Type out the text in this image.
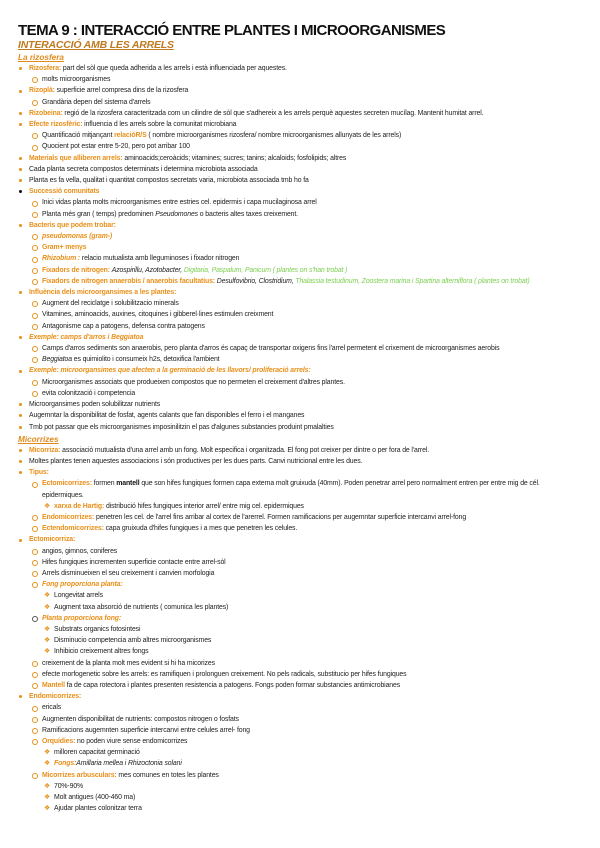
TEMA 9 : INTERACCIÓ ENTRE PLANTES I MICROORGANISMES
INTERACCIÓ AMB LES ARRELS
La rizosfera
Rizosfera: part del sòl que queda adherida a les arrels i està influenciada per aquestes.
molts microorganismes
Rizoplà: superficie arrel compresa dins de la rizosfera
Grandària depen del sistema d'arrels
Rizobeina: regió de la rizosfera caracteritzada com un cilindre de sòl que s'adhereix a les arrels perquè aquestes secreten mucílag. Mantenit humitat arrel.
Efecte rizosfèric: influencia d les arrels sobre la comunitat microbiana
Quantificació mitjançant relacióR/S ( nombre microorganismes rizosfera/ nombre microorganismes allunyats de les arrels)
Quocient pot estar entre 5-20, pero pot arribar 100
Materials que alliberen arrels: aminoacids;ceroàcids; vitamines; sucres; tanins; alcaloids; fosfolipids; altres
Cada planta secreta compostos determinats i determina microbiota associada
Planta es fa vella, qualitat i quantitat compostos secretats varia, microbiota associada tmb ho fa
Successió comunitats
Inici vidas planta molts microorganismes entre estries cel. epidermis i capa mucilaginosa arrel
Planta més gran ( temps) predominen Pseudomones o bacteris altes taxes creixement.
Bacteris que podem trobar:
pseudomonas (gram-)
Gram+ menys
Rhizobium : relacio mutualista amb lleguminoses i fixador nitrogen
Fixadors de nitrogen: Azospirillu, Azotobacter, Digitaria, Paspalum, Panicum ( plantes on s'han trobat )
Fixadors de nitrogen anaerobis / anaerobis facultatius: Desulfovibrio, Clostridium, Thalassia testudinum, Zoostera marina i Spartina alterniflora ( plantes on trobat)
Influència dels microorgansimes a les plantes:
Augment del reciclatge i solubilitzacio minerals
Vitamines, aminoacids, auxines, citoquines i gibberel·lines estimulen creixment
Antagonisme cap a patogens, defensa contra patogens
Exemple: camps d'arros i Beggiatoa
Camps d'arros sediments son anaerobis, pero planta d'arros és capaç de transportar oxigens fins l'arrel permetent el crixement de microorganismes aerobis
Beggiatoa es quimiolito i consumeix h2s, detoxifica l'ambient
Exemple: microorgansimes que afecten a la germinació de les llavors/ proliferació arrels:
Microorganismes associats que produeixen compostos que no permeten el creixement d'altres plantes.
evita colonització i competencia
Microorgansimes poden solubilitzar nutrients
Augemntar la disponibilitat de fosfat, agents calants que fan disponibles el ferro i el manganes
Tmb pot passar que els microorganismes imposinilitzin el pas d'algunes substancies produint pmalalties
Micorrizes
Micorriza: associació mutualista d'una arrel amb un fong. Molt especifica i organitzada. El fong pot creixer per dintre o per fora de l'arrel.
Moltes plantes tenen aquestes associacions i són productives per les dues parts. Canvi nutricional entre les dues.
Tipus:
Ectomicorrizes: formen mantell que son hifes fungiques formen capa externa molt gruixuda (40mm). Poden penetrar arrel pero normalment entren per entre mig de cél. epidermiques.
❖ xarxa de Hartig: distribució hifes fungiques interior arrel/ entre mig cel. epidermiques
Endomicorrizes: penetren les cel. de l'arrel fins arribar al cortex de l'arerrel. Formen ramificacions per augemntar superficie intercanvi arrel-fong
Ectendomicorrizes: capa gruixuda d'hifes fungiques i a mes que penetren les celules.
Ectomicorriza:
angios, gimnos, coniferes
Hifes fungiques incrementen superficie contacte entre arrel-sòl
Arrels disminueixen el seu creixement i canvien morfologia
Fong proporciona planta:
❖ Longevitat arrels
❖ Augment taxa absorció de nutrients ( comunica les plantes)
Planta proporciona fong:
❖ Substrats organics fotosintesi
❖ Disminucio competencia amb altres microorganismes
❖ Inhibicio creixement altres fongs
creixement de la planta molt mes evident si hi ha micorizes
efecte morfogenetic sobre les arrels: es ramifiquen i prolonguen creixement. No pels radicals, substitucio per hifes fungiques
Mantell fa de capa rotectora i plantes presenten resistencia a patogens. Fongs poden formar substancies antimicrobianes
Endomicorrizes:
ericals
Augmenten disponibilitat de nutrients: compostos nitrogen o fosfats
Ramificacions augemnten superficie intercanvi entre celules arrel- fong
Orquídies: no poden viure sense endomicorrizes
❖ milloren capacitat germinació
❖ Fongs:Amillaria mellea i Rhizoctonia solani
Micorrizes arbusculars: mes comunes en totes les plantes
❖ 70%-90%
❖ Molt antigues (400-460 ma)
❖ Ajudar plantes colonitzar terra
